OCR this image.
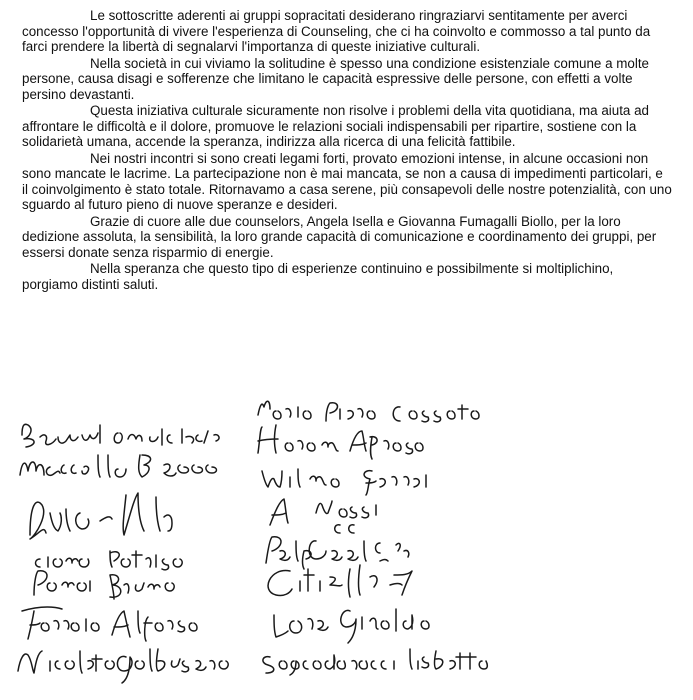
Le sottoscritte aderenti ai gruppi sopracitati desiderano ringraziarvi sentitamente per averci concesso l'opportunità di vivere l'esperienza di Counseling, che ci ha coinvolto e commosso a tal punto da farci prendere la libertà di segnalarvi l'importanza di queste iniziative culturali.

Nella società in cui viviamo la solitudine è spesso una condizione esistenziale comune a molte persone, causa disagi e sofferenze che limitano le capacità espressive delle persone, con effetti a volte persino devastanti.

Questa iniziativa culturale sicuramente non risolve i problemi della vita quotidiana, ma aiuta ad affrontare le difficoltà e il dolore, promuove le relazioni sociali indispensabili per ripartire, sostiene con la solidarietà umana, accende la speranza, indirizza alla ricerca di una felicità fattibile.

Nei nostri incontri si sono creati legami forti, provato emozioni intense, in alcune occasioni non sono mancate le lacrime. La partecipazione non è mai mancata, se non a causa di impedimenti particolari, e il coinvolgimento è stato totale. Ritornavamo a casa serene, più consapevoli delle nostre potenzialità, con uno sguardo al futuro pieno di nuove speranze e desideri.

Grazie di cuore alle due counselors, Angela Isella e Giovanna Fumagalli Biollo, per la loro dedizione assoluta, la sensibilità, la loro grande capacità di comunicazione e coordinamento dei gruppi, per essersi donate senza risparmio di energie.

Nella speranza che questo tipo di esperienze continuino e possibilmente si moltiplichino, porgiamo distinti saluti.
